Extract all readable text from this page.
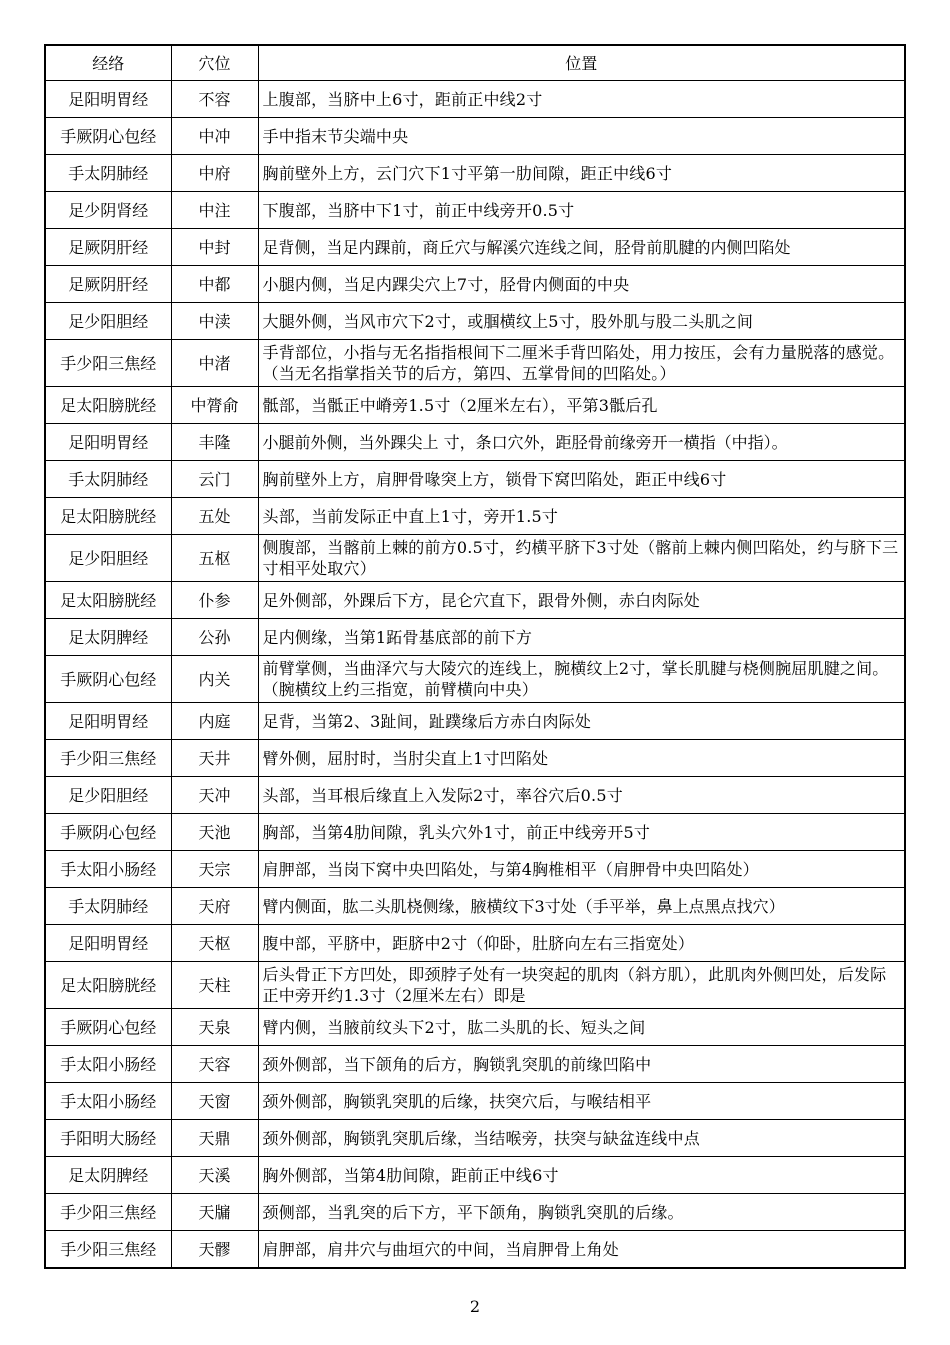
经络	穴位	位置
足阳明胃经	不容	上腹部，当脐中上6寸，距前正中线2寸
手厥阴心包经	中冲	手中指末节尖端中央
手太阴肺经	中府	胸前壁外上方，云门穴下1寸平第一肋间隙，距正中线6寸
足少阴肾经	中注	下腹部，当脐中下1寸，前正中线旁开0.5寸
足厥阴肝经	中封	足背侧，当足内踝前，商丘穴与解溪穴连线之间，胫骨前肌腱的内侧凹陷处
足厥阴肝经	中都	小腿内侧，当足内踝尖穴上7寸，胫骨内侧面的中央
足少阳胆经	中渎	大腿外侧，当风市穴下2寸，或腘横纹上5寸，股外肌与股二头肌之间
手少阳三焦经	中渚	手背部位，小指与无名指指根间下二厘米手背凹陷处，用力按压，会有力量脱落的感觉。（当无名指掌指关节的后方，第四、五掌骨间的凹陷处。）
足太阳膀胱经	中膂俞	骶部，当骶正中嵴旁1.5寸（2厘米左右），平第3骶后孔
足阳明胃经	丰隆	小腿前外侧，当外踝尖上 寸，条口穴外，距胫骨前缘旁开一横指（中指）。
手太阴肺经	云门	胸前壁外上方，肩胛骨喙突上方，锁骨下窝凹陷处，距正中线6寸
足太阳膀胱经	五处	头部，当前发际正中直上1寸，旁开1.5寸
足少阳胆经	五枢	侧腹部，当髂前上棘的前方0.5寸，约横平脐下3寸处（髂前上棘内侧凹陷处，约与脐下三寸相平处取穴）
足太阳膀胱经	仆参	足外侧部，外踝后下方，昆仑穴直下，跟骨外侧，赤白肉际处
足太阴脾经	公孙	足内侧缘，当第1跖骨基底部的前下方
手厥阴心包经	内关	前臂掌侧，当曲泽穴与大陵穴的连线上，腕横纹上2寸，掌长肌腱与桡侧腕屈肌腱之间。（腕横纹上约三指宽，前臂横向中央）
足阳明胃经	内庭	足背，当第2、3趾间，趾蹼缘后方赤白肉际处
手少阳三焦经	天井	臂外侧，屈肘时，当肘尖直上1寸凹陷处
足少阳胆经	天冲	头部，当耳根后缘直上入发际2寸，率谷穴后0.5寸
手厥阴心包经	天池	胸部，当第4肋间隙，乳头穴外1寸，前正中线旁开5寸
手太阳小肠经	天宗	肩胛部，当岗下窝中央凹陷处，与第4胸椎相平（肩胛骨中央凹陷处）
手太阴肺经	天府	臂内侧面，肱二头肌桡侧缘，腋横纹下3寸处（手平举，鼻上点黑点找穴）
足阳明胃经	天枢	腹中部，平脐中，距脐中2寸（仰卧，肚脐向左右三指宽处）
足太阳膀胱经	天柱	后头骨正下方凹处，即颈脖子处有一块突起的肌肉（斜方肌），此肌肉外侧凹处，后发际正中旁开约1.3寸（2厘米左右）即是
手厥阴心包经	天泉	臂内侧，当腋前纹头下2寸，肱二头肌的长、短头之间
手太阳小肠经	天容	颈外侧部，当下颌角的后方，胸锁乳突肌的前缘凹陷中
手太阳小肠经	天窗	颈外侧部，胸锁乳突肌的后缘，扶突穴后，与喉结相平
手阳明大肠经	天鼎	颈外侧部，胸锁乳突肌后缘，当结喉旁，扶突与缺盆连线中点
足太阴脾经	天溪	胸外侧部，当第4肋间隙，距前正中线6寸
手少阳三焦经	天牖	颈侧部，当乳突的后下方，平下颌角，胸锁乳突肌的后缘。
手少阳三焦经	天髎	肩胛部，肩井穴与曲垣穴的中间，当肩胛骨上角处
2
